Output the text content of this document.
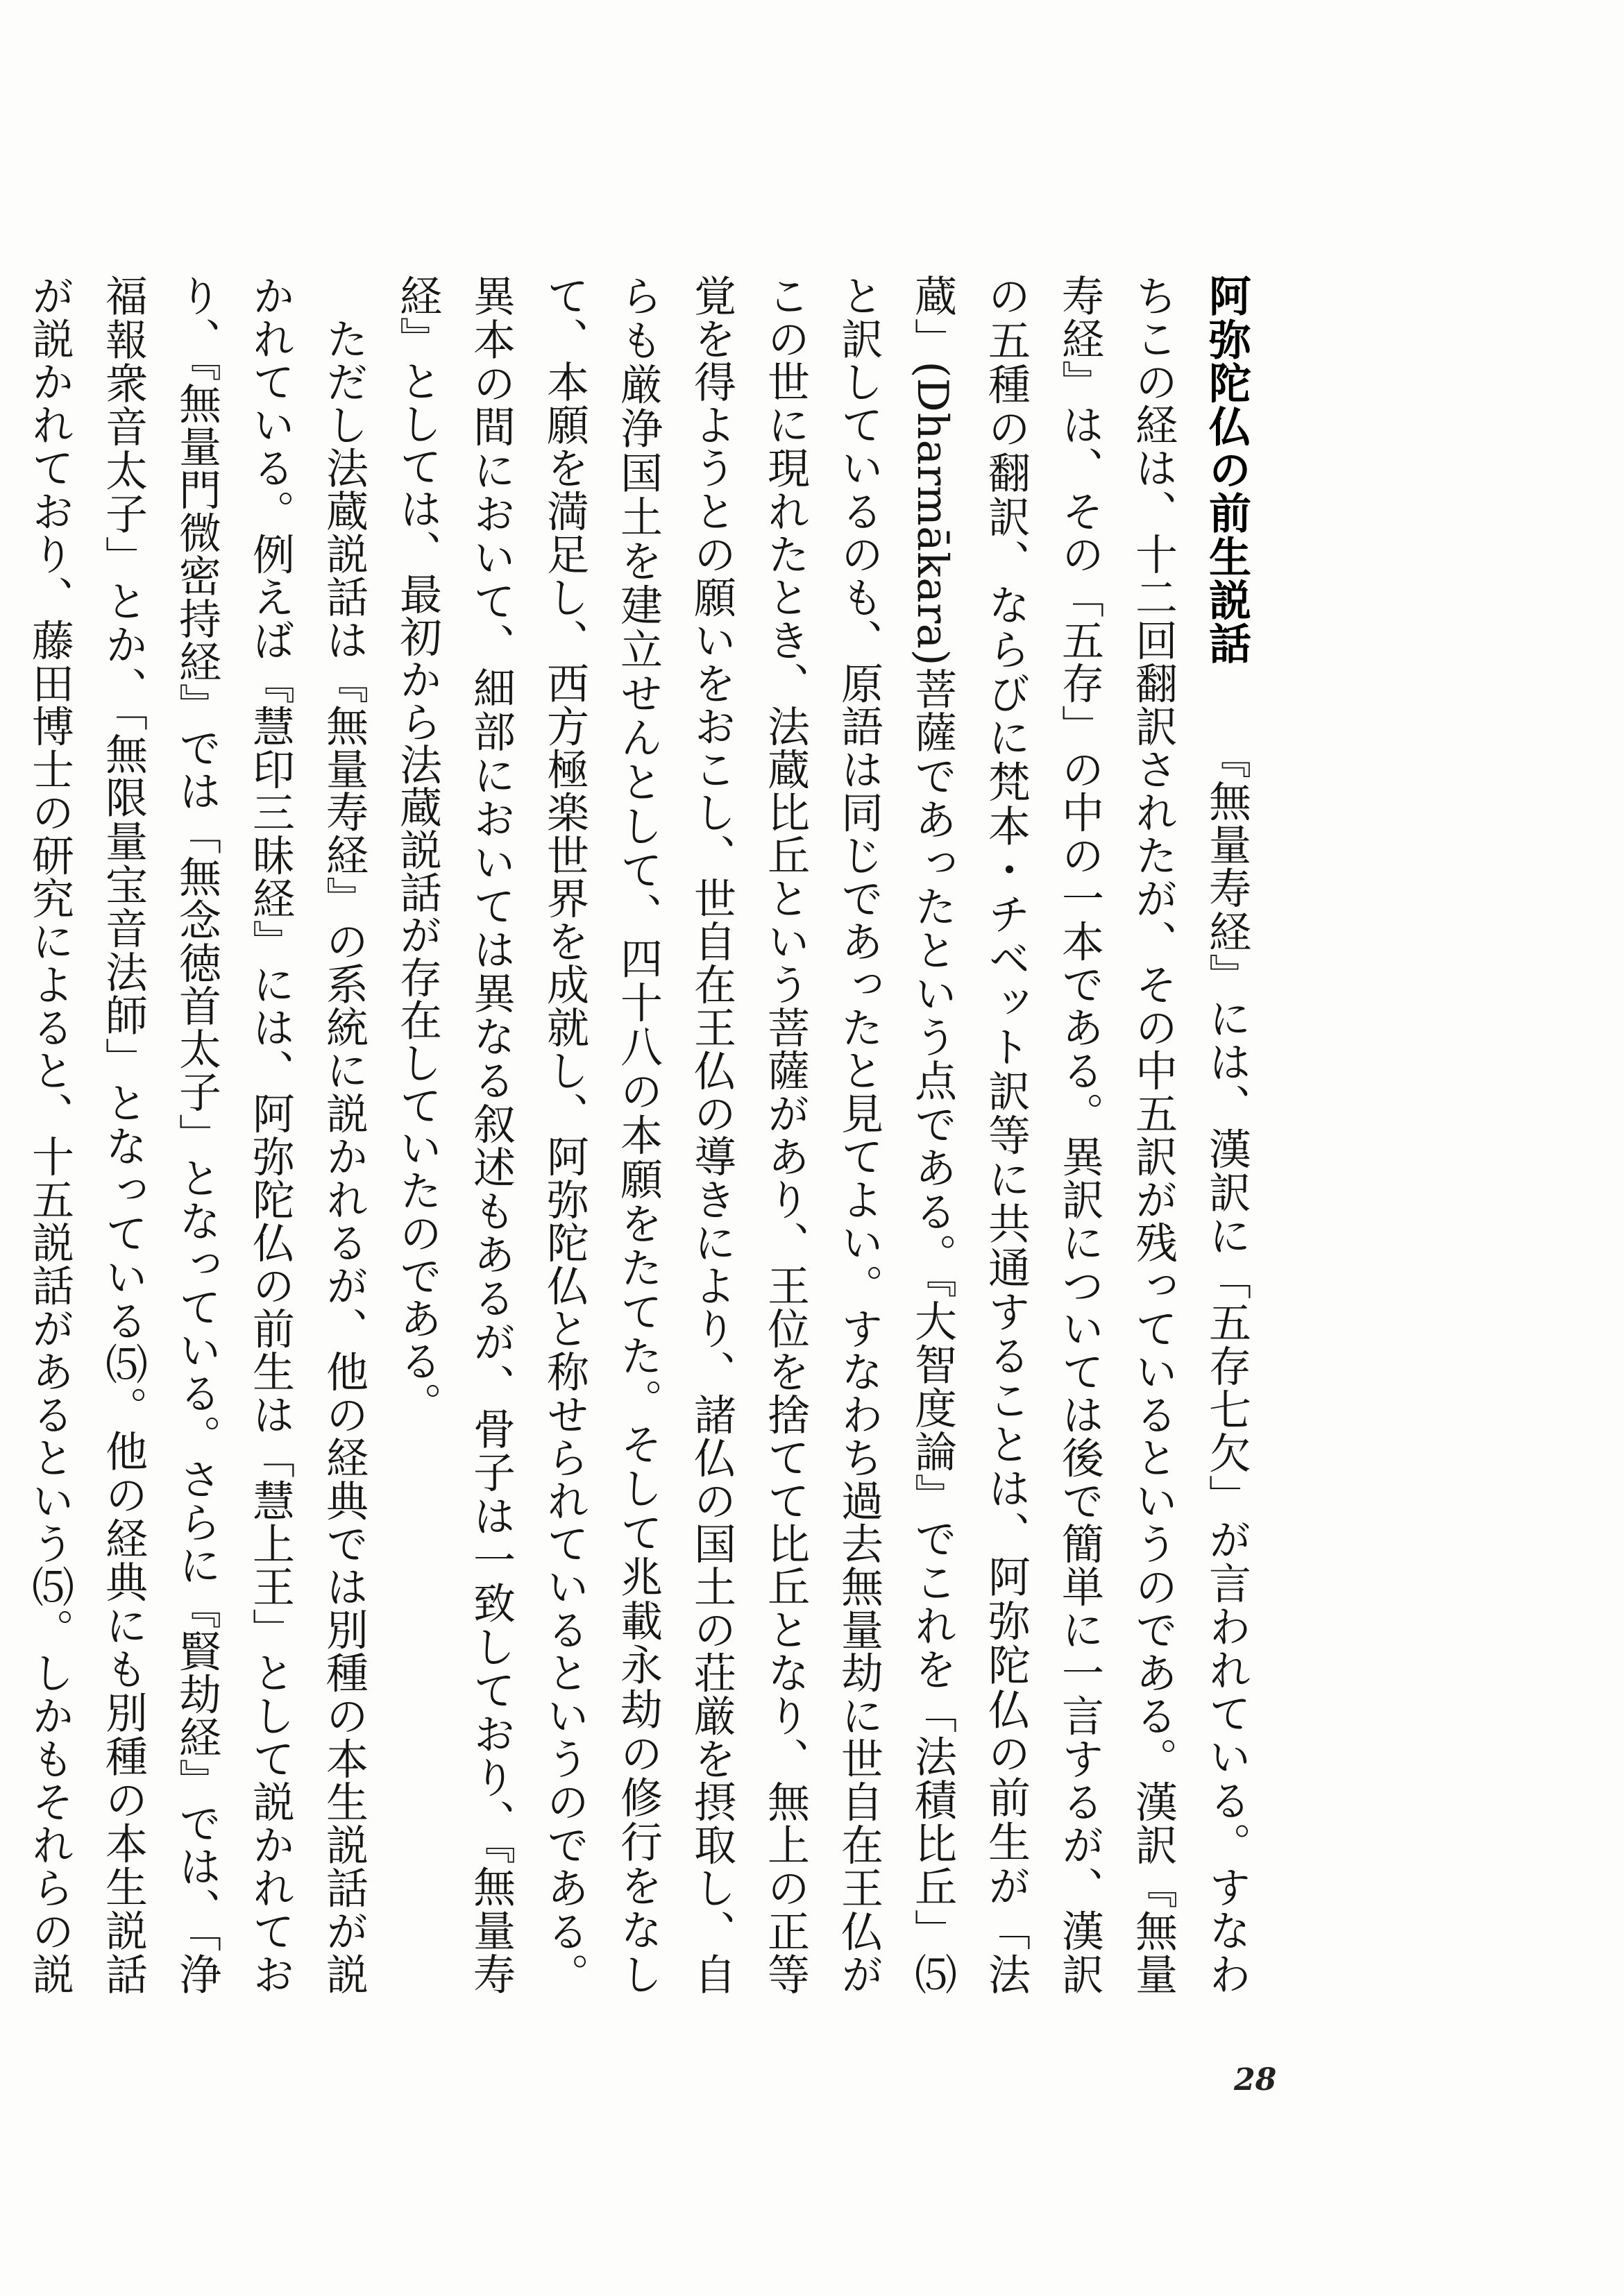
阿弥陀仏の前生説話『無量寿経』には、漢訳に「五存七欠」が言われている。すなわちこの経は、十二回翻訳されたが、その中五訳が残っているというのである。漢訳『無量寿経』は、その「五存」の中の一本である。異訳については後で簡単に一言するが、漢訳の五種の翻訳、ならびに梵本・チベット訳等に共通することは、阿弥陀仏の前生が「法蔵」(Dharmākara)菩薩であったという点である。『大智度論』でこれを「法積比丘」⑸と訳しているのも、原語は同じであったと見てよい。すなわち過去無量劫に世自在王仏がこの世に現れたとき、法蔵比丘という菩薩があり、王位を捨てて比丘となり、無上の正等覚を得ようとの願いをおこし、世自在王仏の導きにより、諸仏の国土の荘厳を摂取し、自らも厳浄国土を建立せんとして、四十八の本願をたてた。そして兆載永劫の修行をなして、本願を満足し、西方極楽世界を成就し、阿弥陀仏と称せられているというのである。異本の間において、細部においては異なる叙述もあるが、骨子は一致しており、『無量寿経』としては、最初から法蔵説話が存在していたのである。

ただし法蔵説話は『無量寿経』の系統に説かれるが、他の経典では別種の本生説話が説かれている。例えば『慧印三昧経』には、阿弥陀仏の前生は「慧上王」として説かれており、『無量門微密持経』では「無念徳首太子」となっている。さらに『賢劫経』では、「浄福報衆音太子」とか、「無限量宝音法師」となっている⑸。他の経典にも別種の本生説話が説かれており、藤田博士の研究によると、十五説話があるという⑸。しかもそれらの説

28
